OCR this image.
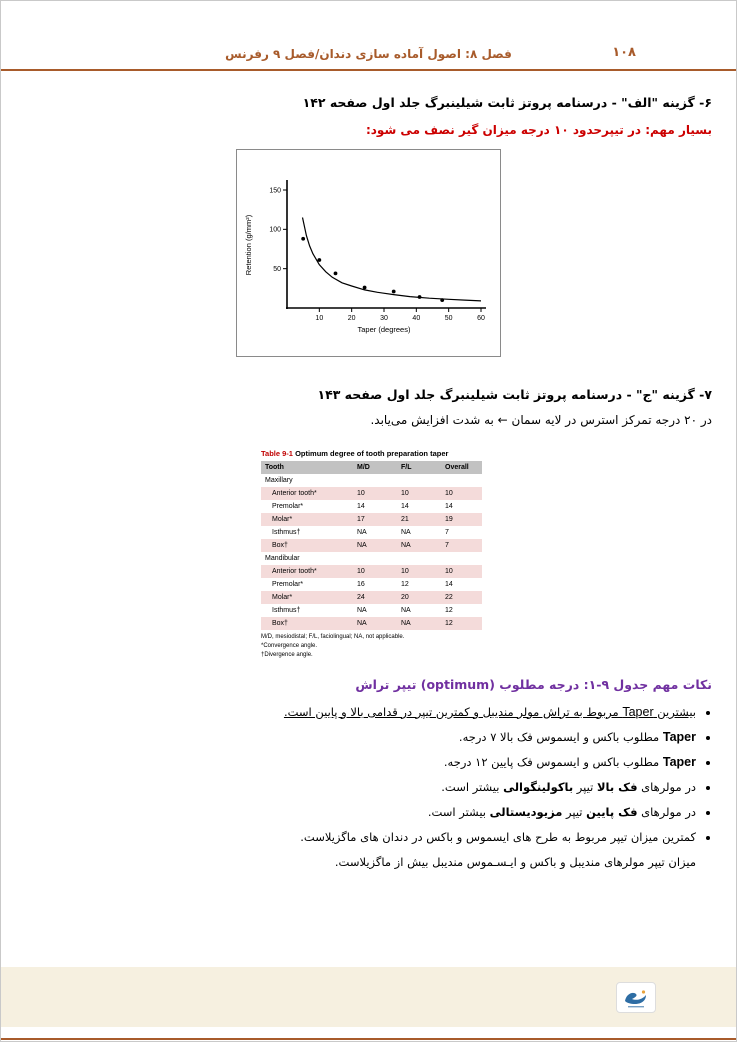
۱۰۸
فصل ۸: اصول آماده سازی دندان/فصل ۹ رفرنس

۶- گزینه "الف" - درسنامه پروتز ثابت شیلینبرگ جلد اول صفحه ۱۴۲

بسیار مهم: در تیپرحدود ۱۰ درجه میزان گیر نصف می شود:

50
100
150
10	20	30	40	50	60
Taper (degrees)
Retention (g/mm²)

۷- گزینه "ج" - درسنامه پروتز ثابت شیلینبرگ جلد اول صفحه ۱۴۳

در ۲۰ درجه تمرکز استرس در لایه سمان ← به شدت افزایش می‌یابد.

Table 9-1 Optimum degree of tooth preparation taper
Tooth	M/D	F/L	Overall
Maxillary			
Anterior tooth*	10	10	10
Premolar*	14	14	14
Molar*	17	21	19
Isthmus†	NA	NA	7
Box†	NA	NA	7
Mandibular			
Anterior tooth*	10	10	10
Premolar*	16	12	14
Molar*	24	20	22
Isthmus†	NA	NA	12
Box†	NA	NA	12
M/D, mesiodistal; F/L, faciolingual; NA, not applicable.
*Convergence angle.
†Divergence angle.

نکات مهم جدول ۹-۱: درجه مطلوب (optimum) تیپر تراش

• بیشترین Taper مربوط به تراش مولر مندیبل و کمترین تیپر در قدامی بالا و پایین است.
• Taper مطلوب باکس و ایسموس فک بالا ۷ درجه.
• Taper مطلوب باکس و ایسموس فک پایین ۱۲ درجه.
• در مولرهای فک بالا تیپر باکولینگوالی بیشتر است.
• در مولرهای فک پایین تیپر مزیودیستالی بیشتر است.
• کمترین میزان تیپر مربوط به طرح های ایسموس و باکس در دندان های ماگزیلاست.
میزان تیپر مولرهای مندیبل و باکس و ایـسـموس مندیبل بیش از ماگزیلاست.
